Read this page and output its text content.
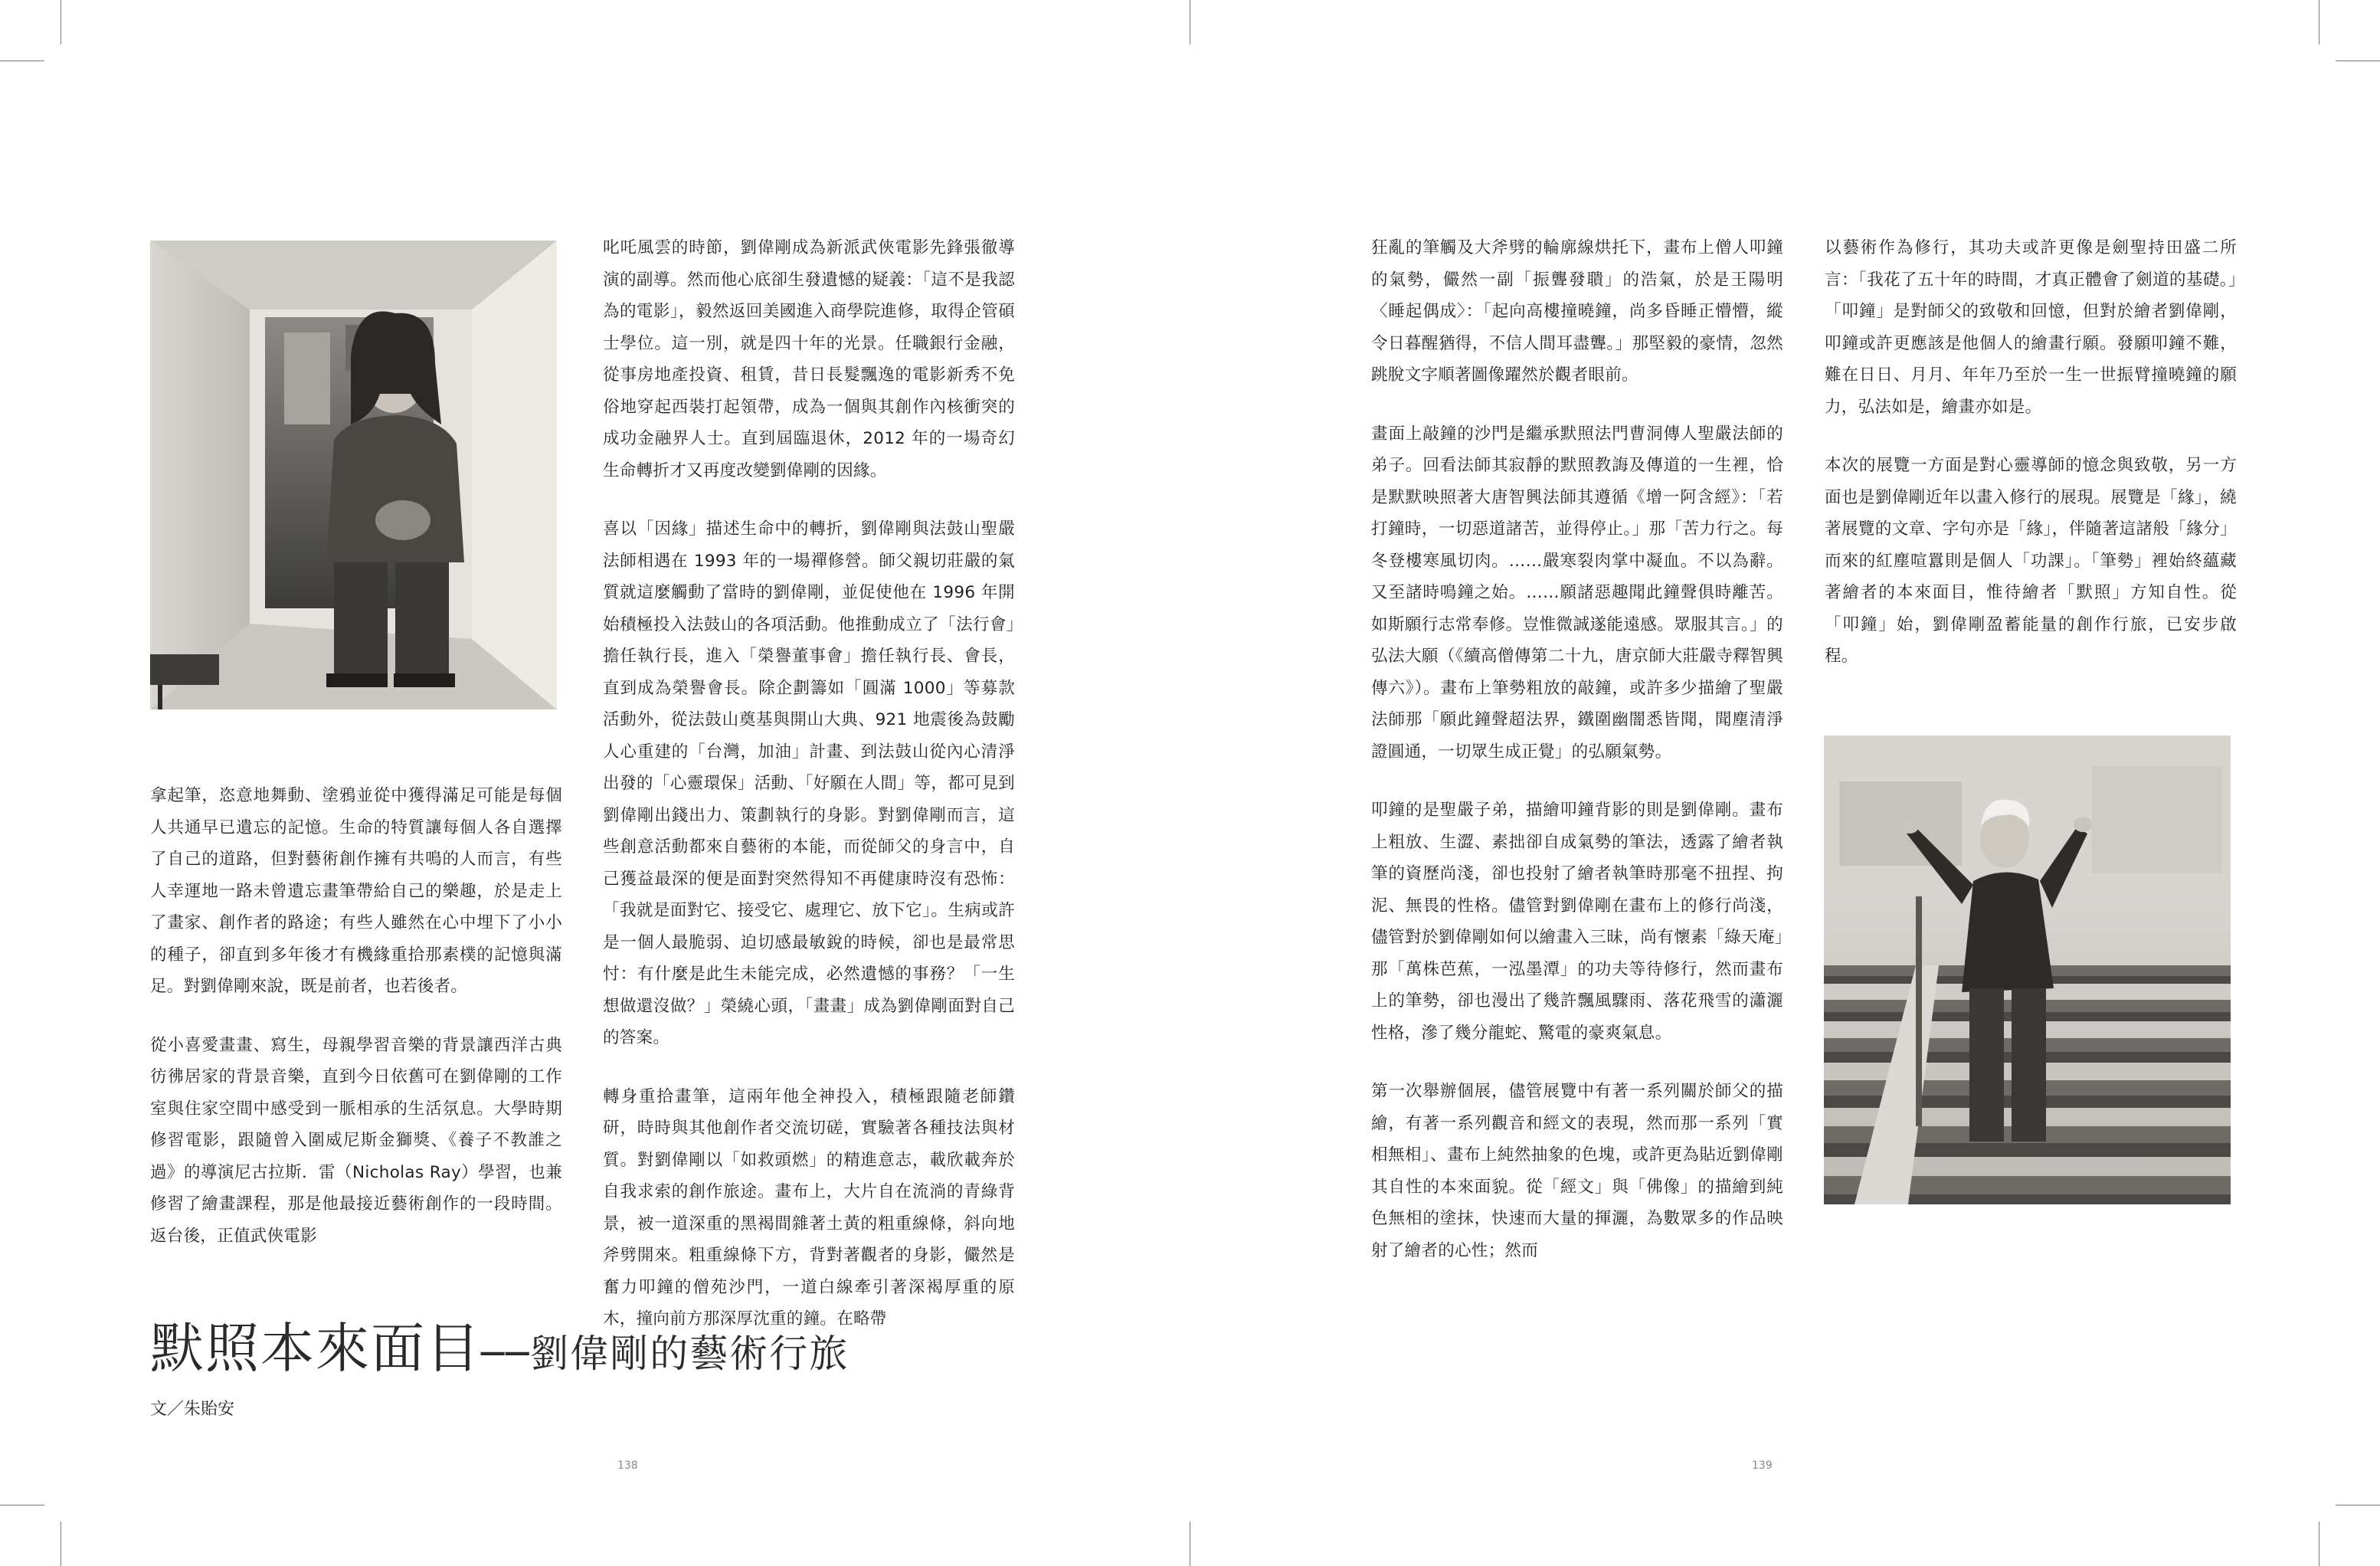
拿起筆，恣意地舞動、塗鴉並從中獲得滿足可能是每個人共通早已遺忘的記憶。生命的特質讓每個人各自選擇了自己的道路，但對藝術創作擁有共鳴的人而言，有些人幸運地一路未曾遺忘畫筆帶給自己的樂趣，於是走上了畫家、創作者的路途；有些人雖然在心中埋下了小小的種子，卻直到多年後才有機緣重拾那素樸的記憶與滿足。對劉偉剛來說，既是前者，也若後者。

從小喜愛畫畫、寫生，母親學習音樂的背景讓西洋古典彷彿居家的背景音樂，直到今日依舊可在劉偉剛的工作室與住家空間中感受到一脈相承的生活氛息。大學時期修習電影，跟隨曾入圍威尼斯金獅獎、《養子不教誰之過》的導演尼古拉斯．雷（Nicholas Ray）學習，也兼修習了繪畫課程，那是他最接近藝術創作的一段時間。返台後，正值武俠電影

叱吒風雲的時節，劉偉剛成為新派武俠電影先鋒張徹導演的副導。然而他心底卻生發遺憾的疑義：「這不是我認為的電影」，毅然返回美國進入商學院進修，取得企管碩士學位。這一別，就是四十年的光景。任職銀行金融，從事房地產投資、租賃，昔日長髮飄逸的電影新秀不免俗地穿起西裝打起領帶，成為一個與其創作內核衝突的成功金融界人士。直到屆臨退休，2012 年的一場奇幻生命轉折才又再度改變劉偉剛的因緣。

喜以「因緣」描述生命中的轉折，劉偉剛與法鼓山聖嚴法師相遇在 1993 年的一場禪修營。師父親切莊嚴的氣質就這麼觸動了當時的劉偉剛，並促使他在 1996 年開始積極投入法鼓山的各項活動。他推動成立了「法行會」擔任執行長，進入「榮譽董事會」擔任執行長、會長，直到成為榮譽會長。除企劃籌如「圓滿 1000」等募款活動外，從法鼓山奠基與開山大典、921 地震後為鼓勵人心重建的「台灣，加油」計畫、到法鼓山從內心清淨出發的「心靈環保」活動、「好願在人間」等，都可見到劉偉剛出錢出力、策劃執行的身影。對劉偉剛而言，這些創意活動都來自藝術的本能，而從師父的身言中，自己獲益最深的便是面對突然得知不再健康時沒有恐怖：「我就是面對它、接受它、處理它、放下它」。生病或許是一個人最脆弱、迫切感最敏銳的時候，卻也是最常思忖：有什麼是此生未能完成，必然遺憾的事務？「一生想做還沒做？」榮繞心頭，「畫畫」成為劉偉剛面對自己的答案。

轉身重拾畫筆，這兩年他全神投入，積極跟隨老師鑽研，時時與其他創作者交流切磋，實驗著各種技法與材質。對劉偉剛以「如救頭燃」的精進意志，載欣載奔於自我求索的創作旅途。畫布上，大片自在流淌的青綠背景，被一道深重的黑褐間雜著土黃的粗重線條，斜向地斧劈開來。粗重線條下方，背對著觀者的身影，儼然是奮力叩鐘的僧苑沙門，一道白線牽引著深褐厚重的原木，撞向前方那深厚沈重的鐘。在略帶

默照本來面目──劉偉剛的藝術行旅
文／朱貽安
138

狂亂的筆觸及大斧劈的輪廓線烘托下，畫布上僧人叩鐘的氣勢，儼然一副「振聾發聵」的浩氣，於是王陽明〈睡起偶成〉：「起向高樓撞曉鐘，尚多昏睡正懵懵，縱令日暮醒猶得，不信人間耳盡聾。」那堅毅的豪情，忽然跳脫文字順著圖像躍然於觀者眼前。

畫面上敲鐘的沙門是繼承默照法門曹洞傳人聖嚴法師的弟子。回看法師其寂靜的默照教誨及傳道的一生裡，恰是默默映照著大唐智興法師其遵循《增一阿含經》：「若打鐘時，一切惡道諸苦，並得停止。」那「苦力行之。每冬登樓寒風切肉。……嚴寒裂肉掌中凝血。不以為辭。又至諸時鳴鐘之始。……願諸惡趣聞此鐘聲俱時離苦。如斯願行志常奉修。豈惟微誠遂能遠感。眾服其言。」的弘法大願（《續高僧傳第二十九，唐京師大莊嚴寺釋智興傳六》）。畫布上筆勢粗放的敲鐘，或許多少描繪了聖嚴法師那「願此鐘聲超法界，鐵圍幽闇悉皆聞，聞塵清淨證圓通，一切眾生成正覺」的弘願氣勢。

叩鐘的是聖嚴子弟，描繪叩鐘背影的則是劉偉剛。畫布上粗放、生澀、素拙卻自成氣勢的筆法，透露了繪者執筆的資歷尚淺，卻也投射了繪者執筆時那毫不扭捏、拘泥、無畏的性格。儘管對劉偉剛在畫布上的修行尚淺，儘管對於劉偉剛如何以繪畫入三昧，尚有懷素「綠天庵」那「萬株芭蕉，一泓墨潭」的功夫等待修行，然而畫布上的筆勢，卻也漫出了幾許飄風驟雨、落花飛雪的瀟灑性格，滲了幾分龍蛇、驚電的豪爽氣息。

第一次舉辦個展，儘管展覽中有著一系列關於師父的描繪，有著一系列觀音和經文的表現，然而那一系列「實相無相」、畫布上純然抽象的色塊，或許更為貼近劉偉剛其自性的本來面貌。從「經文」與「佛像」的描繪到純色無相的塗抹，快速而大量的揮灑，為數眾多的作品映射了繪者的心性；然而

以藝術作為修行，其功夫或許更像是劍聖持田盛二所言：「我花了五十年的時間，才真正體會了劍道的基礎。」「叩鐘」是對師父的致敬和回憶，但對於繪者劉偉剛，叩鐘或許更應該是他個人的繪畫行願。發願叩鐘不難，難在日日、月月、年年乃至於一生一世振臂撞曉鐘的願力，弘法如是，繪畫亦如是。

本次的展覽一方面是對心靈導師的憶念與致敬，另一方面也是劉偉剛近年以畫入修行的展現。展覽是「緣」，繞著展覽的文章、字句亦是「緣」，伴隨著這諸般「緣分」而來的紅塵喧囂則是個人「功課」。「筆勢」裡始終蘊藏著繪者的本來面目，惟待繪者「默照」方知自性。從「叩鐘」始，劉偉剛盈蓄能量的創作行旅，已安步啟程。

139
